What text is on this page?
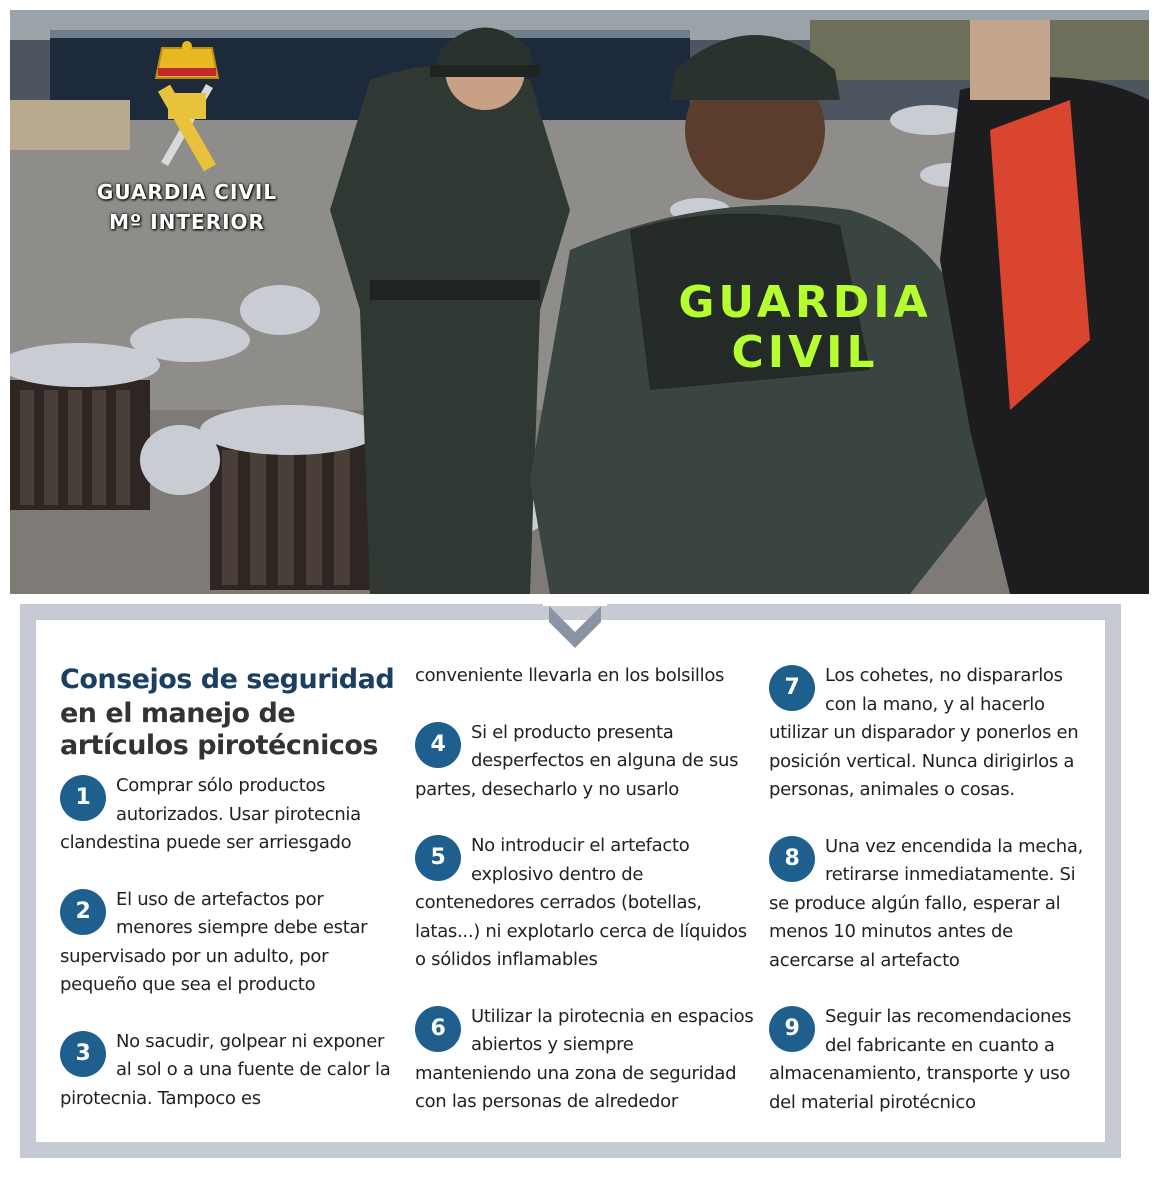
GUARDIA CIVIL
Mº INTERIOR
GUARDIA
CIVIL
Consejos de seguridad
en el manejo de artículos pirotécnicos
1	Comprar sólo productos autorizados. Usar pirotecnia clandestina puede ser arriesgado
2	El uso de artefactos por menores siempre debe estar supervisado por un adulto, por pequeño que sea el producto
3	No sacudir, golpear ni exponer al sol o a una fuente de calor la pirotecnia. Tampoco es

conveniente llevarla en los bolsillos

4	Si el producto presenta desperfectos en alguna de sus partes, desecharlo y no usarlo
5	No introducir el artefacto explosivo dentro de contenedores cerrados (botellas, latas...) ni explotarlo cerca de líquidos o sólidos inflamables
6	Utilizar la pirotecnia en espacios abiertos y siempre manteniendo una zona de seguridad con las personas de alrededor
7	Los cohetes, no dispararlos con la mano, y al hacerlo utilizar un disparador y ponerlos en posición vertical. Nunca dirigirlos a personas, animales o cosas.
8	Una vez encendida la mecha, retirarse inmediatamente. Si se produce algún fallo, esperar al menos 10 minutos antes de acercarse al artefacto
9	Seguir las recomendaciones del fabricante en cuanto a almacenamiento, transporte y uso del material pirotécnico
